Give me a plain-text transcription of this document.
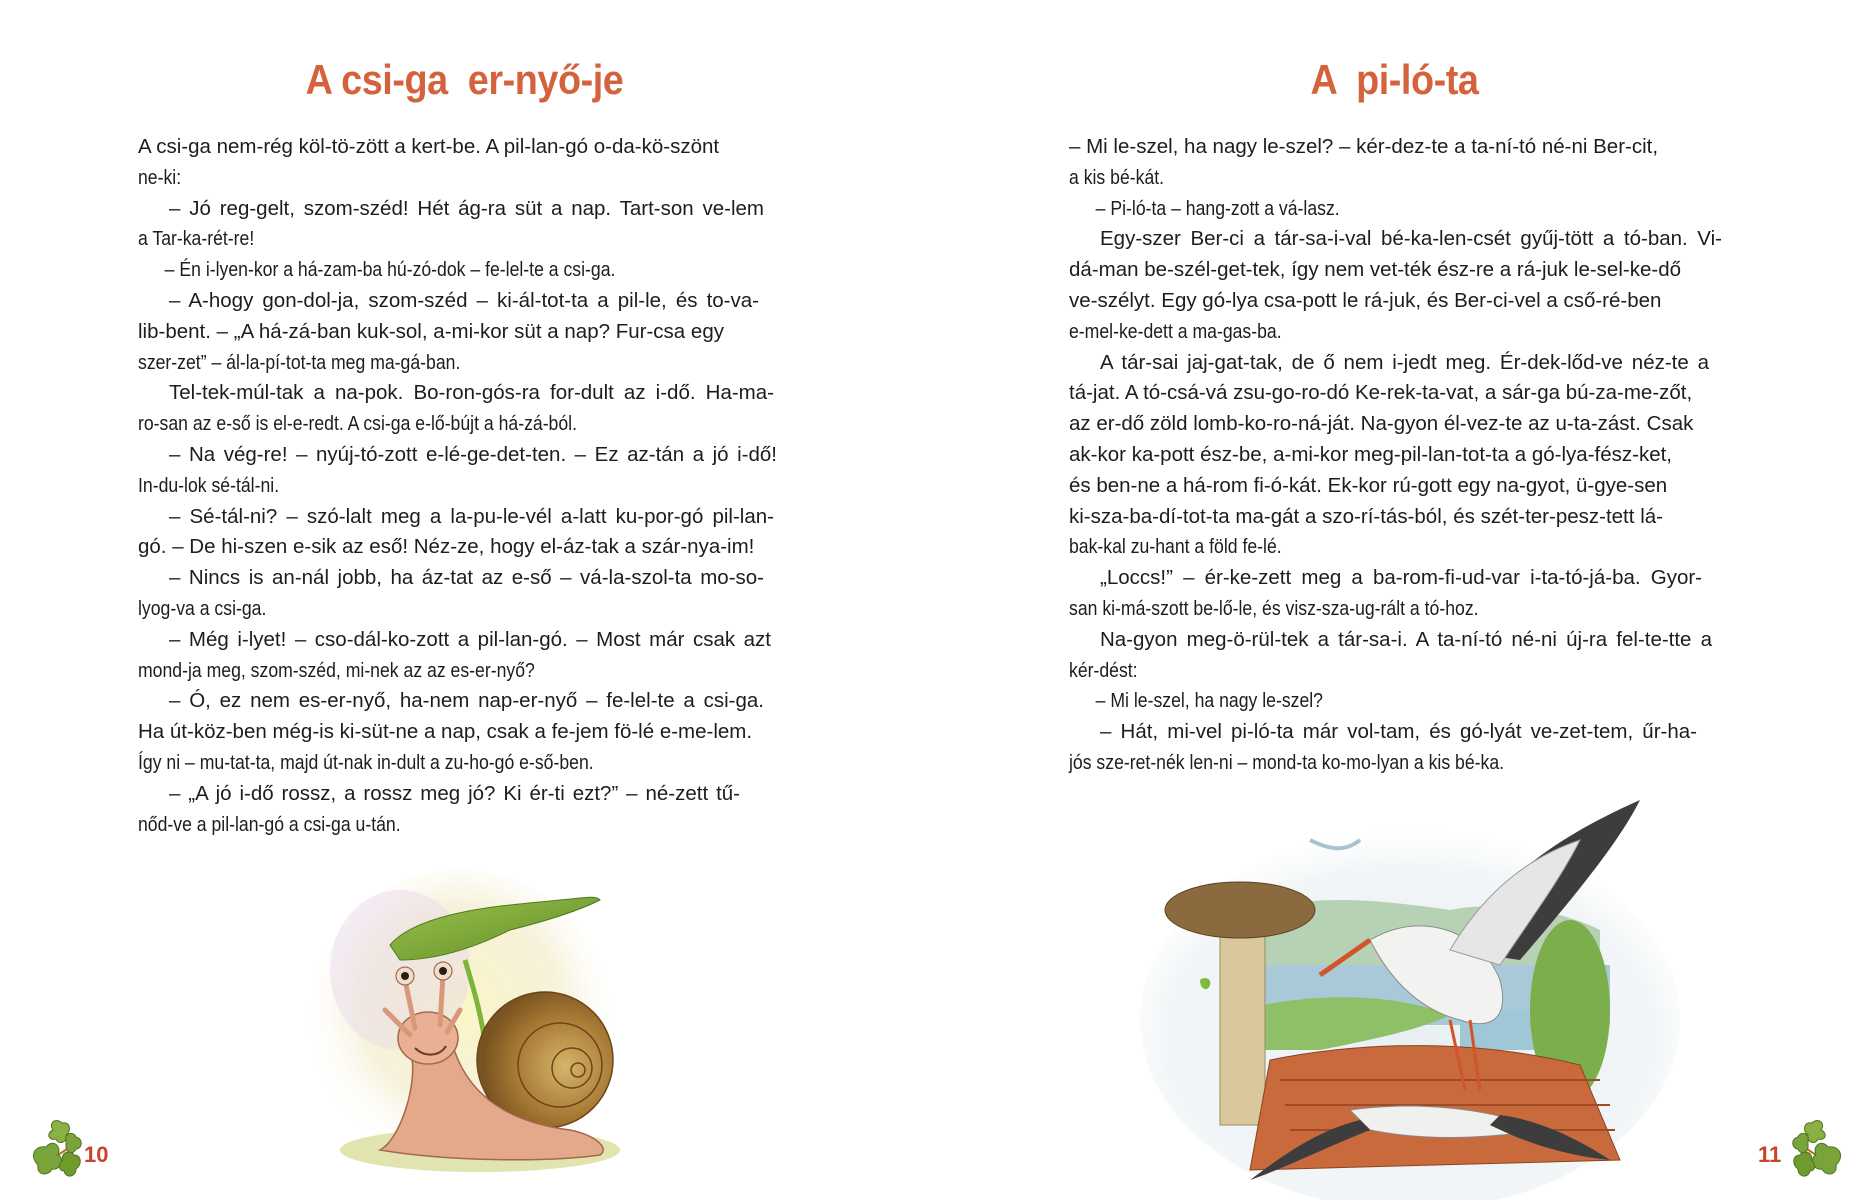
A csi-ga  er-nyő-je
A csi-ga nem-rég köl-tö-zött a kert-be. A pil-lan-gó o-da-kö-szönt
ne-ki:
– Jó reg-gelt, szom-széd! Hét ág-ra süt a nap. Tart-son ve-lem
a Tar-ka-rét-re!
– Én i-lyen-kor a há-zam-ba hú-zó-dok – fe-lel-te a csi-ga.
– A-hogy gon-dol-ja, szom-széd – ki-ál-tot-ta a pil-le, és to-va-
lib-bent. – „A há-zá-ban kuk-sol, a-mi-kor süt a nap? Fur-csa egy
szer-zet” – ál-la-pí-tot-ta meg ma-gá-ban.
Tel-tek-múl-tak a na-pok. Bo-ron-gós-ra for-dult az i-dő. Ha-ma-
ro-san az e-ső is el-e-redt. A csi-ga e-lő-bújt a há-zá-ból.
– Na vég-re! – nyúj-tó-zott e-lé-ge-det-ten. – Ez az-tán a jó i-dő!
In-du-lok sé-tál-ni.
– Sé-tál-ni? – szó-lalt meg a la-pu-le-vél a-latt ku-por-gó pil-lan-
gó. – De hi-szen e-sik az eső! Néz-ze, hogy el-áz-tak a szár-nya-im!
– Nincs is an-nál jobb, ha áz-tat az e-ső – vá-la-szol-ta mo-so-
lyog-va a csi-ga.
– Még i-lyet! – cso-dál-ko-zott a pil-lan-gó. – Most már csak azt
mond-ja meg, szom-széd, mi-nek az az es-er-nyő?
– Ó, ez nem es-er-nyő, ha-nem nap-er-nyő – fe-lel-te a csi-ga.
Ha út-köz-ben még-is ki-süt-ne a nap, csak a fe-jem fö-lé e-me-lem.
Így ni – mu-tat-ta, majd út-nak in-dult a zu-ho-gó e-ső-ben.
– „A jó i-dő rossz, a rossz meg jó? Ki ér-ti ezt?” – né-zett tű-
nőd-ve a pil-lan-gó a csi-ga u-tán.
10
A  pi-ló-ta
– Mi le-szel, ha nagy le-szel? – kér-dez-te a ta-ní-tó né-ni Ber-cit,
a kis bé-kát.
– Pi-ló-ta – hang-zott a vá-lasz.
Egy-szer Ber-ci a tár-sa-i-val bé-ka-len-csét gyűj-tött a tó-ban. Vi-
dá-man be-szél-get-tek, így nem vet-ték ész-re a rá-juk le-sel-ke-dő
ve-szélyt. Egy gó-lya csa-pott le rá-juk, és Ber-ci-vel a cső-ré-ben
e-mel-ke-dett a ma-gas-ba.
A tár-sai jaj-gat-tak, de ő nem i-jedt meg. Ér-dek-lőd-ve néz-te a
tá-jat. A tó-csá-vá zsu-go-ro-dó Ke-rek-ta-vat, a sár-ga bú-za-me-zőt,
az er-dő zöld lomb-ko-ro-ná-ját. Na-gyon él-vez-te az u-ta-zást. Csak
ak-kor ka-pott ész-be, a-mi-kor meg-pil-lan-tot-ta a gó-lya-fész-ket,
és ben-ne a há-rom fi-ó-kát. Ek-kor rú-gott egy na-gyot, ü-gye-sen
ki-sza-ba-dí-tot-ta ma-gát a szo-rí-tás-ból, és szét-ter-pesz-tett lá-
bak-kal zu-hant a föld fe-lé.
„Loccs!” – ér-ke-zett meg a ba-rom-fi-ud-var i-ta-tó-já-ba. Gyor-
san ki-má-szott be-lő-le, és visz-sza-ug-rált a tó-hoz.
Na-gyon meg-ö-rül-tek a tár-sa-i. A ta-ní-tó né-ni új-ra fel-te-tte a
kér-dést:
– Mi le-szel, ha nagy le-szel?
– Hát, mi-vel pi-ló-ta már vol-tam, és gó-lyát ve-zet-tem, űr-ha-
jós sze-ret-nék len-ni – mond-ta ko-mo-lyan a kis bé-ka.
11
